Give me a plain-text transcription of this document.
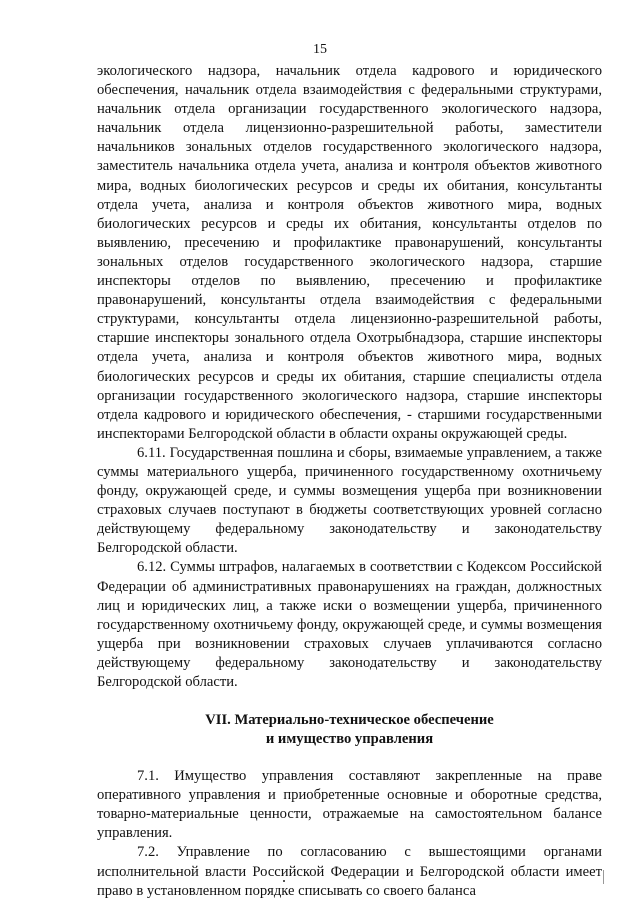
15

экологического надзора, начальник отдела кадрового и юридического обеспечения, начальник отдела взаимодействия с федеральными структурами, начальник отдела организации государственного экологического надзора, начальник отдела лицензионно-разрешительной работы, заместители начальников зональных отделов государственного экологического надзора, заместитель начальника отдела учета, анализа и контроля объектов животного мира, водных биологических ресурсов и среды их обитания, консультанты отдела учета, анализа и контроля объектов животного мира, водных биологических ресурсов и среды их обитания, консультанты отделов по выявлению, пресечению и профилактике правонарушений, консультанты зональных отделов государственного экологического надзора, старшие инспекторы отделов по выявлению, пресечению и профилактике правонарушений, консультанты отдела взаимодействия с федеральными структурами, консультанты отдела лицензионно-разрешительной работы, старшие инспекторы зонального отдела Охотрыбнадзора, старшие инспекторы отдела учета, анализа и контроля объектов животного мира, водных биологических ресурсов и среды их обитания, старшие специалисты отдела организации государственного экологического надзора, старшие инспекторы отдела кадрового и юридического обеспечения, - старшими государственными инспекторами Белгородской области в области охраны окружающей среды.

6.11. Государственная пошлина и сборы, взимаемые управлением, а также суммы материального ущерба, причиненного государственному охотничьему фонду, окружающей среде, и суммы возмещения ущерба при возникновении страховых случаев поступают в бюджеты соответствующих уровней согласно действующему федеральному законодательству и законодательству Белгородской области.

6.12. Суммы штрафов, налагаемых в соответствии с Кодексом Российской Федерации об административных правонарушениях на граждан, должностных лиц и юридических лиц, а также иски о возмещении ущерба, причиненного государственному охотничьему фонду, окружающей среде, и суммы возмещения ущерба при возникновении страховых случаев уплачиваются согласно действующему федеральному законодательству и законодательству Белгородской области.

VII. Материально-техническое обеспечение
и имущество управления

7.1. Имущество управления составляют закрепленные на праве оперативного управления и приобретенные основные и оборотные средства, товарно-материальные ценности, отражаемые на самостоятельном балансе управления.

7.2. Управление по согласованию с вышестоящими органами исполнительной власти Российской Федерации и Белгородской области имеет право в установленном порядке списывать со своего баланса
